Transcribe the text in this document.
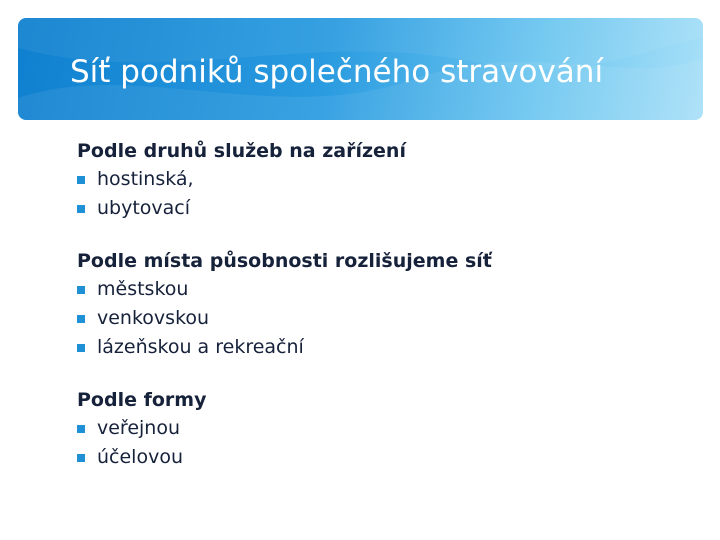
Síť podniků společného stravování

Podle druhů služeb na zařízení

hostinská,
ubytovací

Podle místa působnosti rozlišujeme síť

městskou
venkovskou
lázeňskou a rekreační

Podle formy

veřejnou
účelovou
